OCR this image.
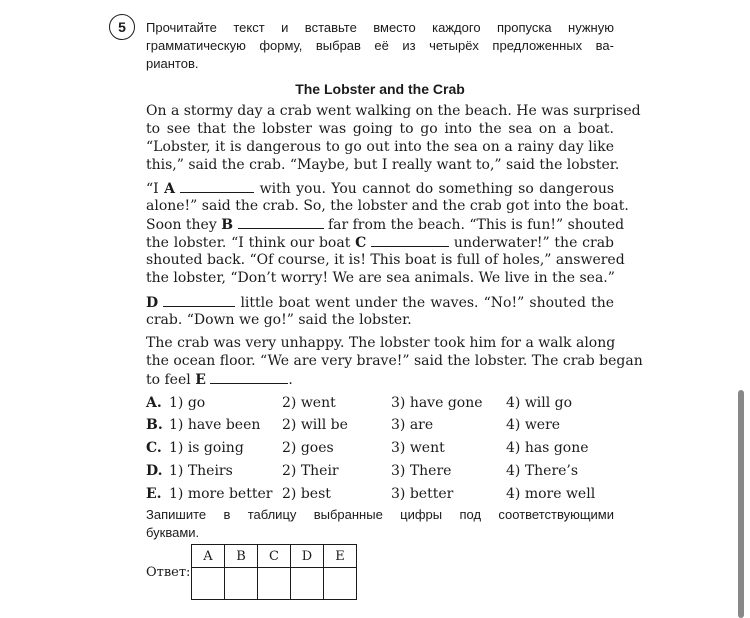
5	Прочитайте текст и вставьте вместо каждого пропуска нужную
грамматическую форму, выбрав её из четырёх предложенных ва-
риантов.
The Lobster and the Crab
On a stormy day a crab went walking on the beach. He was surprised
to see that the lobster was going to go into the sea on a boat.
“Lobster, it is dangerous to go out into the sea on a rainy day like
this,” said the crab. “Maybe, but I really want to,” said the lobster.
“I A	with you. You cannot do something so dangerous
alone!” said the crab. So, the lobster and the crab got into the boat.
Soon they B	far from the beach. “This is fun!” shouted
the lobster. “I think our boat C	underwater!” the crab
shouted back. “Of course, it is! This boat is full of holes,” answered
the lobster, “Don’t worry! We are sea animals. We live in the sea.”
D	little boat went under the waves. “No!” shouted the
crab. “Down we go!” said the lobster.
The crab was very unhappy. The lobster took him for a walk along
the ocean floor. “We are very brave!” said the lobster. The crab began
to feel E	.
A. 1) go	2) went	3) have gone 4) will go
B. 1) have been 2) will be	3) are	4) were
C. 1) is going	2) goes	3) went	4) has gone
D. 1) Theirs	2) Their	3) There	4) There’s
E. 1) more better 2) best	3) better	4) more well
Запишите в таблицу выбранные цифры под соответствующими
буквами.
Ответ:
A	B	C	D	E
